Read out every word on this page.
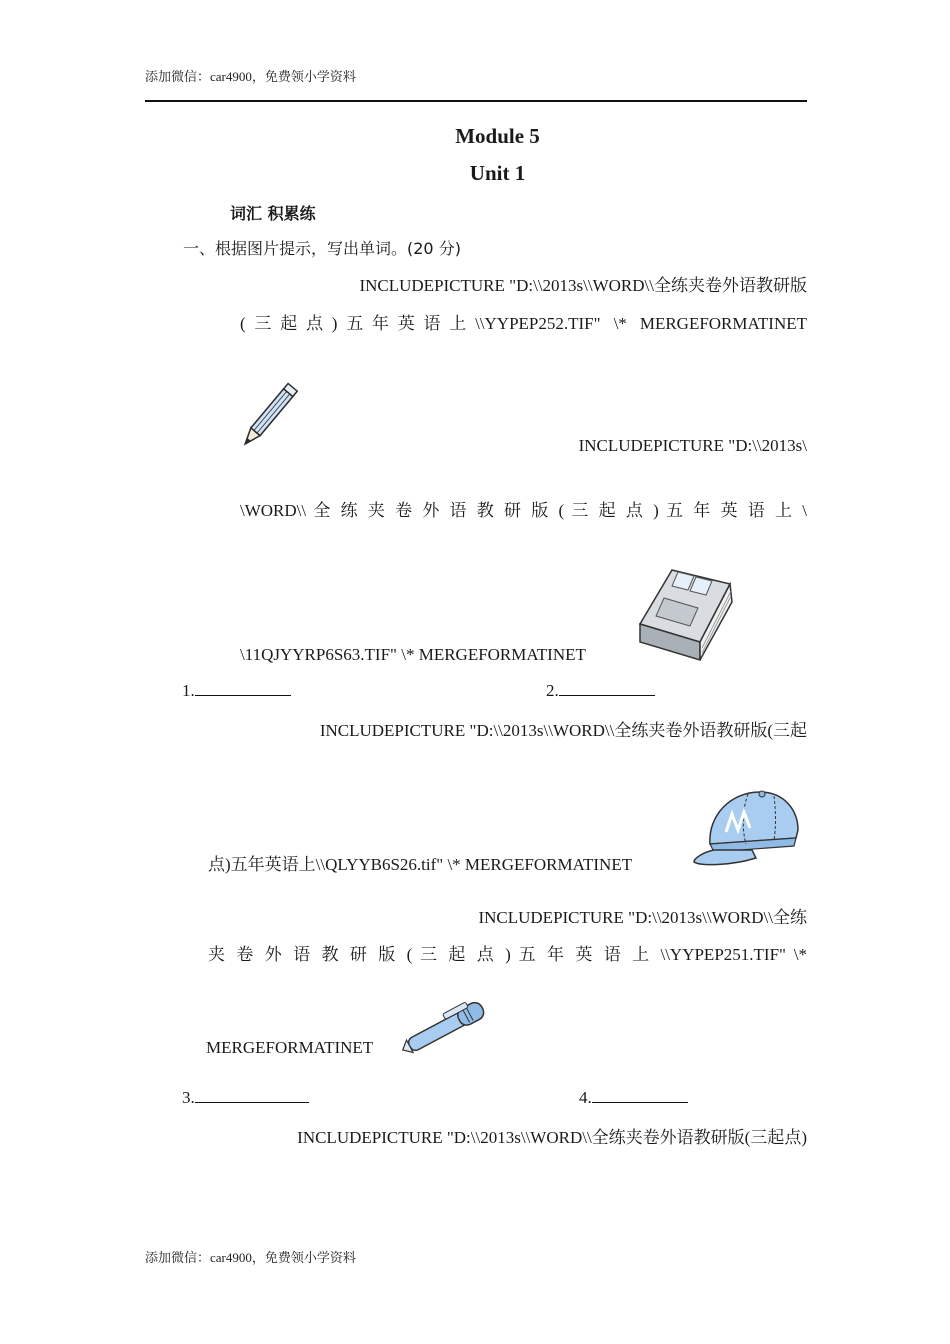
添加微信：car4900，免费领小学资料
Module 5
Unit 1
词汇 积累练
一、根据图片提示，写出单词。(20 分)
INCLUDEPICTURE "D:\\2013s\\WORD\\全练夹卷外语教研版
(三起点)五年英语上\\YYPEP252.TIF" \* MERGEFORMATINET
INCLUDEPICTURE "D:\\2013s\
\WORD\\ 全 练 夹 卷 外 语 教 研 版 ( 三 起 点 ) 五 年 英 语 上 \
\11QJYYRP6S63.TIF" \* MERGEFORMATINET
1.	2.
INCLUDEPICTURE "D:\\2013s\\WORD\\全练夹卷外语教研版(三起
点)五年英语上\\QLYYB6S26.tif" \* MERGEFORMATINET
INCLUDEPICTURE "D:\\2013s\\WORD\\全练
夹 卷 外 语 教 研 版 ( 三 起 点 ) 五 年 英 语 上 \\YYPEP251.TIF" \*
MERGEFORMATINET
3.	4.
INCLUDEPICTURE "D:\\2013s\\WORD\\全练夹卷外语教研版(三起点)
添加微信：car4900，免费领小学资料
